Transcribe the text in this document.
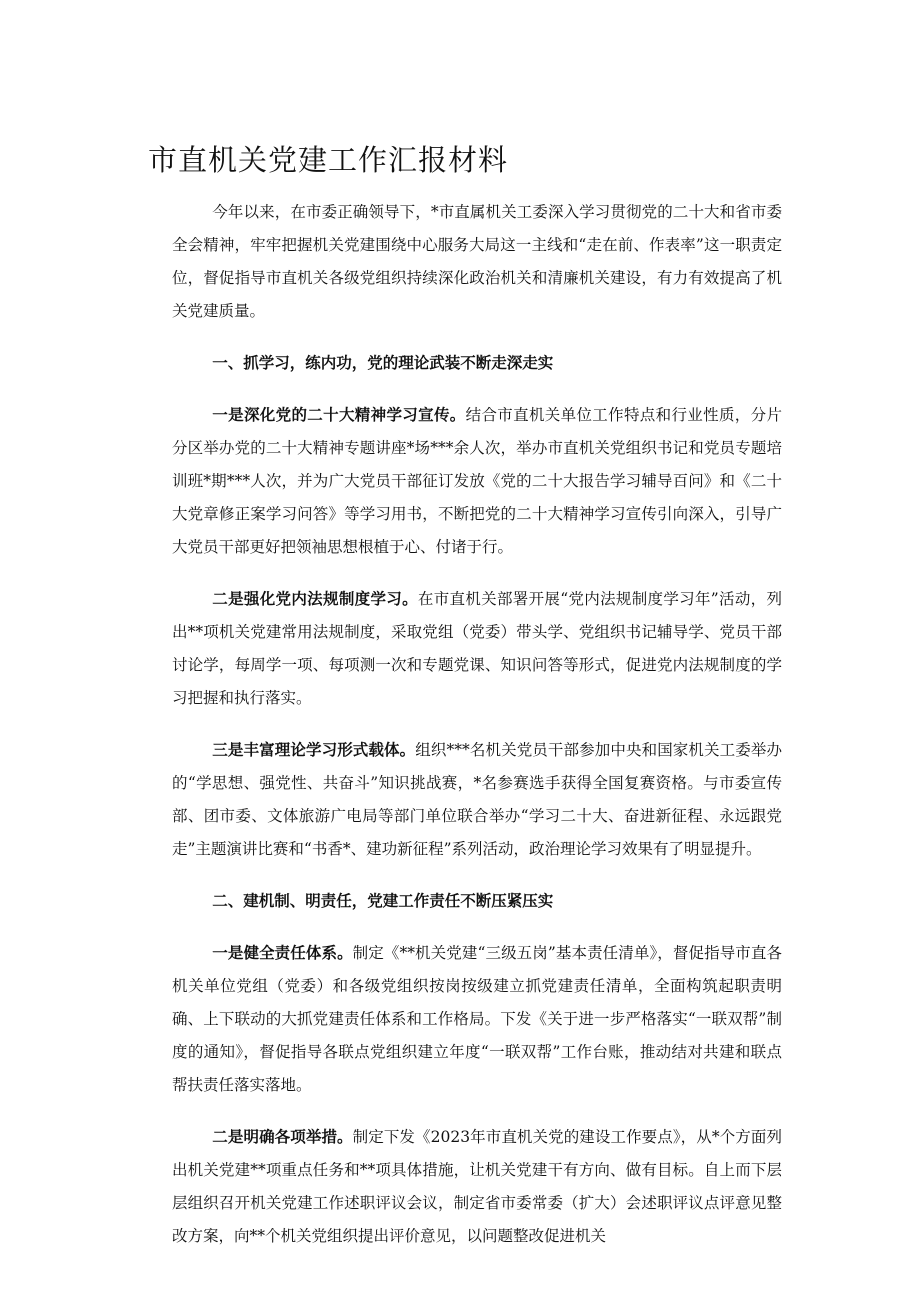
市直机关党建工作汇报材料

今年以来，在市委正确领导下，*市直属机关工委深入学习贯彻党的二十大和省市委全会精神，牢牢把握机关党建围绕中心服务大局这一主线和“走在前、作表率”这一职责定位，督促指导市直机关各级党组织持续深化政治机关和清廉机关建设，有力有效提高了机关党建质量。

一、抓学习，练内功，党的理论武装不断走深走实

一是深化党的二十大精神学习宣传。结合市直机关单位工作特点和行业性质，分片分区举办党的二十大精神专题讲座*场***余人次，举办市直机关党组织书记和党员专题培训班*期***人次，并为广大党员干部征订发放《党的二十大报告学习辅导百问》和《二十大党章修正案学习问答》等学习用书，不断把党的二十大精神学习宣传引向深入，引导广大党员干部更好把领袖思想根植于心、付诸于行。

二是强化党内法规制度学习。在市直机关部署开展“党内法规制度学习年”活动，列出**项机关党建常用法规制度，采取党组（党委）带头学、党组织书记辅导学、党员干部讨论学，每周学一项、每项测一次和专题党课、知识问答等形式，促进党内法规制度的学习把握和执行落实。

三是丰富理论学习形式载体。组织***名机关党员干部参加中央和国家机关工委举办的“学思想、强党性、共奋斗”知识挑战赛，*名参赛选手获得全国复赛资格。与市委宣传部、团市委、文体旅游广电局等部门单位联合举办“学习二十大、奋进新征程、永远跟党走”主题演讲比赛和“书香*、建功新征程”系列活动，政治理论学习效果有了明显提升。

二、建机制、明责任，党建工作责任不断压紧压实

一是健全责任体系。制定《**机关党建“三级五岗”基本责任清单》，督促指导市直各机关单位党组（党委）和各级党组织按岗按级建立抓党建责任清单，全面构筑起职责明确、上下联动的大抓党建责任体系和工作格局。下发《关于进一步严格落实“一联双帮”制度的通知》，督促指导各联点党组织建立年度“一联双帮”工作台账，推动结对共建和联点帮扶责任落实落地。

二是明确各项举措。制定下发《2023年市直机关党的建设工作要点》，从*个方面列出机关党建**项重点任务和**项具体措施，让机关党建干有方向、做有目标。自上而下层层组织召开机关党建工作述职评议会议，制定省市委常委（扩大）会述职评议点评意见整改方案，向**个机关党组织提出评价意见，以问题整改促进机关
